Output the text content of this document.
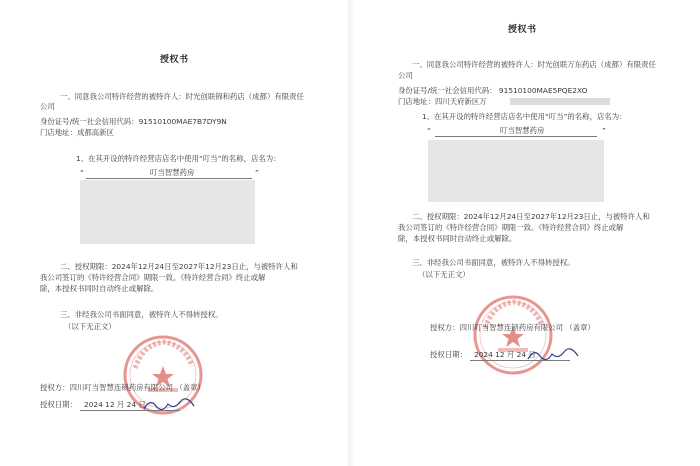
授权书
一、同意我公司特许经营的被特许人：时光创联锦和药店（成都）有限责任
公司
身份证号/统一社会信用代码：91510100MAE7B7DY9N
门店地址：成都高新区
1、在其开设的特许经营店店名中使用“叮当”的名称，店名为：
“	叮当智慧药房	”
二、授权期限：2024年12月24日至2027年12月23日止，与被特许人和
我公司签订的《特许经营合同》期限一致。《特许经营合同》终止或解
除，本授权书同时自动终止或解除。
三、非经我公司书面同意，被特许人不得转授权。
（以下无正文）
授权方：四川叮当智慧连锁药房有限公司 （盖章）
授权日期： 2024 12 月 24 日
授权书
一、同意我公司特许经营的被特许人：时光创联万东药店（成都）有限责任
公司
身份证号/统一社会信用代码： 91510100MAE5PQE2XO
门店地址：四川天府新区万
1、在其开设的特许经营店店名中使用“叮当”的名称，店名为：
“	叮当智慧药房	”
二、授权期限：2024年12月24日至2027年12月23日止，与被特许人和
我公司签订的《特许经营合同》期限一致。《特许经营合同》终止或解
除，本授权书同时自动终止或解除。
三、非经我公司书面同意，被特许人不得转授权。
（以下无正文）
授权方：四川叮当智慧连锁药房有限公司 （盖章）
授权日期： 2024 12 月 24 日
